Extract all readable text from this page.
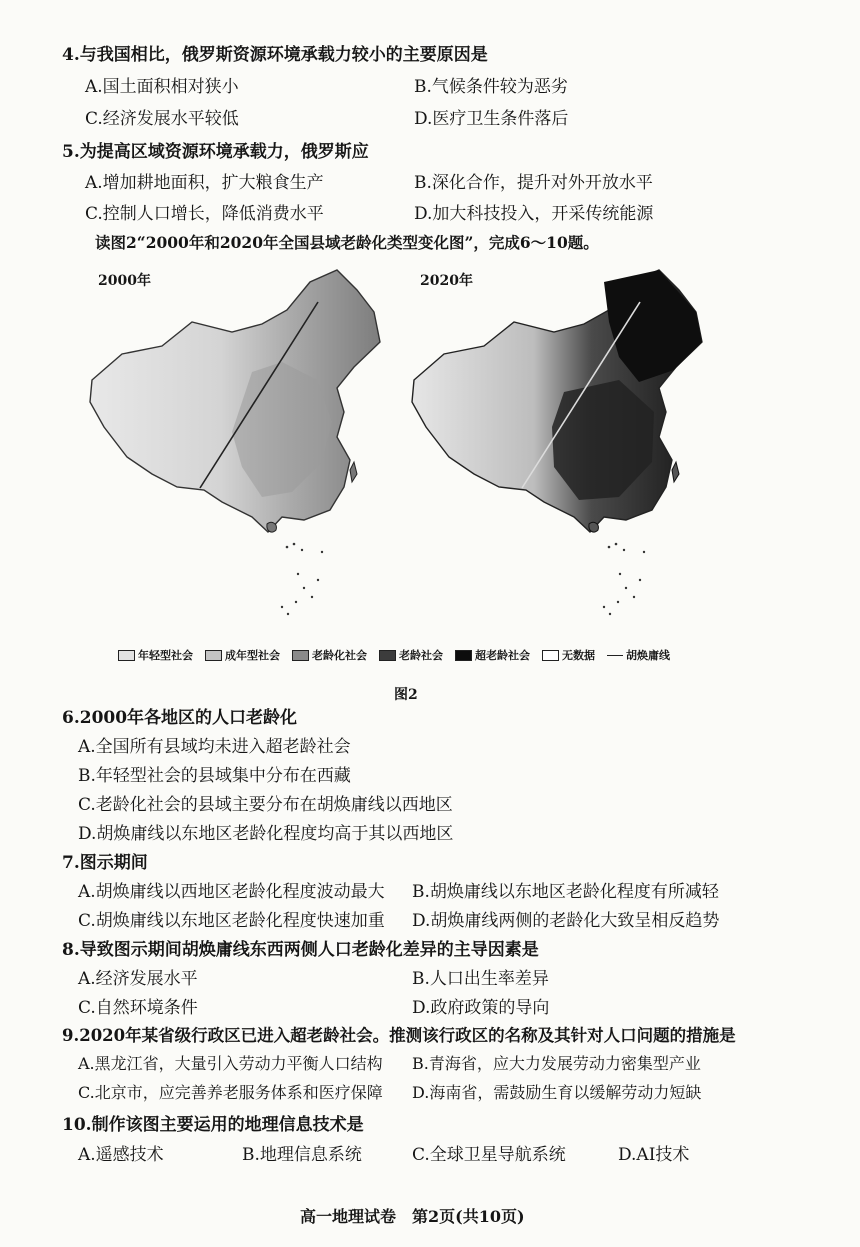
4.与我国相比，俄罗斯资源环境承载力较小的主要原因是
A.国土面积相对狭小	B.气候条件较为恶劣
C.经济发展水平较低	D.医疗卫生条件落后
5.为提高区域资源环境承载力，俄罗斯应
A.增加耕地面积，扩大粮食生产	B.深化合作，提升对外开放水平
C.控制人口增长，降低消费水平	D.加大科技投入，开采传统能源
读图2“2000年和2020年全国县域老龄化类型变化图”，完成6～10题。
2000年	2020年
年轻型社会	成年型社会	老龄化社会	老龄社会	超老龄社会	无数据	胡焕庸线
图2
6.2000年各地区的人口老龄化
A.全国所有县域均未进入超老龄社会
B.年轻型社会的县域集中分布在西藏
C.老龄化社会的县域主要分布在胡焕庸线以西地区
D.胡焕庸线以东地区老龄化程度均高于其以西地区
7.图示期间
A.胡焕庸线以西地区老龄化程度波动最大 B.胡焕庸线以东地区老龄化程度有所减轻
C.胡焕庸线以东地区老龄化程度快速加重 D.胡焕庸线两侧的老龄化大致呈相反趋势
8.导致图示期间胡焕庸线东西两侧人口老龄化差异的主导因素是
A.经济发展水平	B.人口出生率差异
C.自然环境条件	D.政府政策的导向
9.2020年某省级行政区已进入超老龄社会。推测该行政区的名称及其针对人口问题的措施是
A.黑龙江省，大量引入劳动力平衡人口结构 B.青海省，应大力发展劳动力密集型产业
C.北京市，应完善养老服务体系和医疗保障 D.海南省，需鼓励生育以缓解劳动力短缺
10.制作该图主要运用的地理信息技术是
A.遥感技术	B.地理信息系统	C.全球卫星导航系统	D.AI技术
高一地理试卷　第2页(共10页)
